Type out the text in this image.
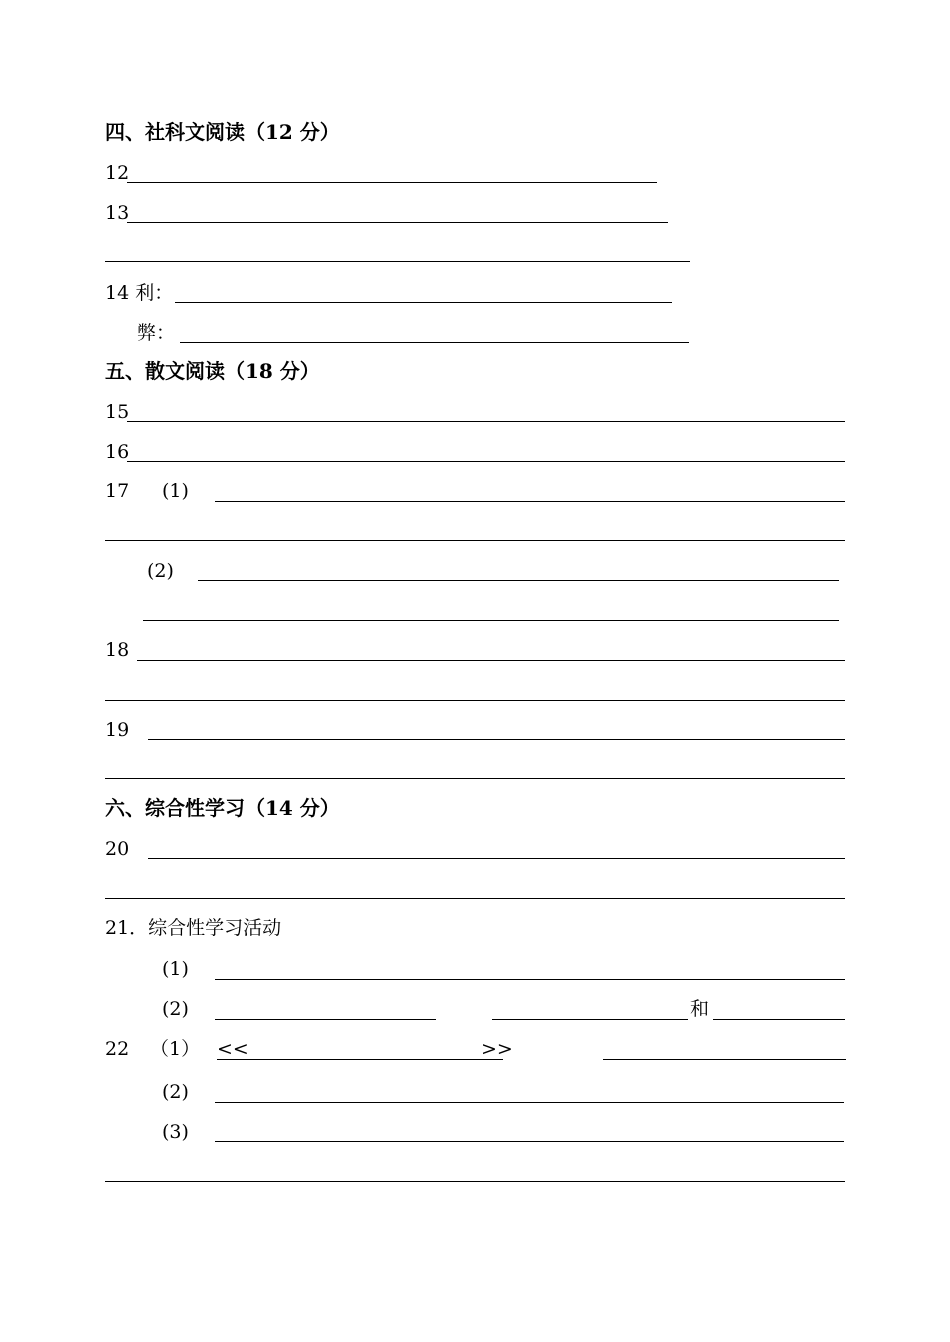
四、社科文阅读（12 分）
12
13
14 利：
弊：
五、散文阅读（18 分）
15
16
17 (1)
(2)
18
19
六、综合性学习（14 分）
20
21．综合性学习活动
(1)
(2)	和
22 （1） <<	>>
(2)
(3)
